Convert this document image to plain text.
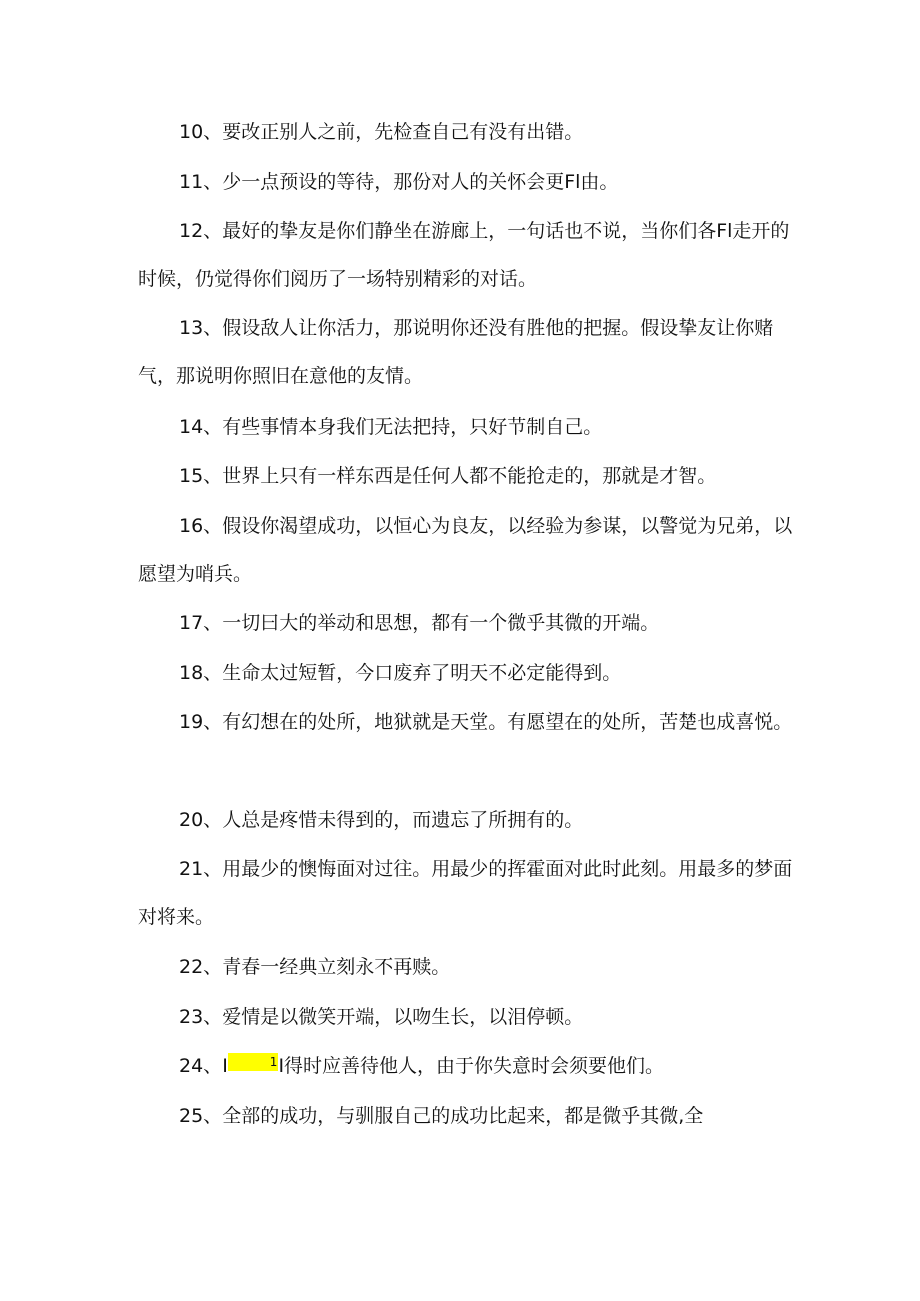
10、要改正别人之前，先检查自己有没有出错。

11、少一点预设的等待，那份对人的关怀会更Fl由。

12、最好的挚友是你们静坐在游廊上，一句话也不说，当你们各Fl走开的时候，仍觉得你们阅历了一场特别精彩的对话。

13、假设敌人让你活力，那说明你还没有胜他的把握。假设挚友让你赌气，那说明你照旧在意他的友情。

14、有些事情本身我们无法把持，只好节制自己。

15、世界上只有一样东西是任何人都不能抢走的，那就是才智。

16、假设你渴望成功，以恒心为良友，以经验为参谋，以警觉为兄弟，以愿望为哨兵。

17、一切曰大的举动和思想，都有一个微乎其微的开端。

18、生命太过短暂，今口废弃了明天不必定能得到。

19、有幻想在的处所，地狱就是天堂。有愿望在的处所，苦楚也成喜悦。

20、人总是疼惜未得到的，而遗忘了所拥有的。

21、用最少的懊悔面对过往。用最少的挥霍面对此时此刻。用最多的梦面对将来。

22、青春一经典立刻永不再赎。

23、爱情是以微笑开端，以吻生长，以泪停顿。

24、I	1I得时应善待他人，由于你失意时会须要他们。

25、全部的成功，与驯服自己的成功比起来，都是微乎其微,全
